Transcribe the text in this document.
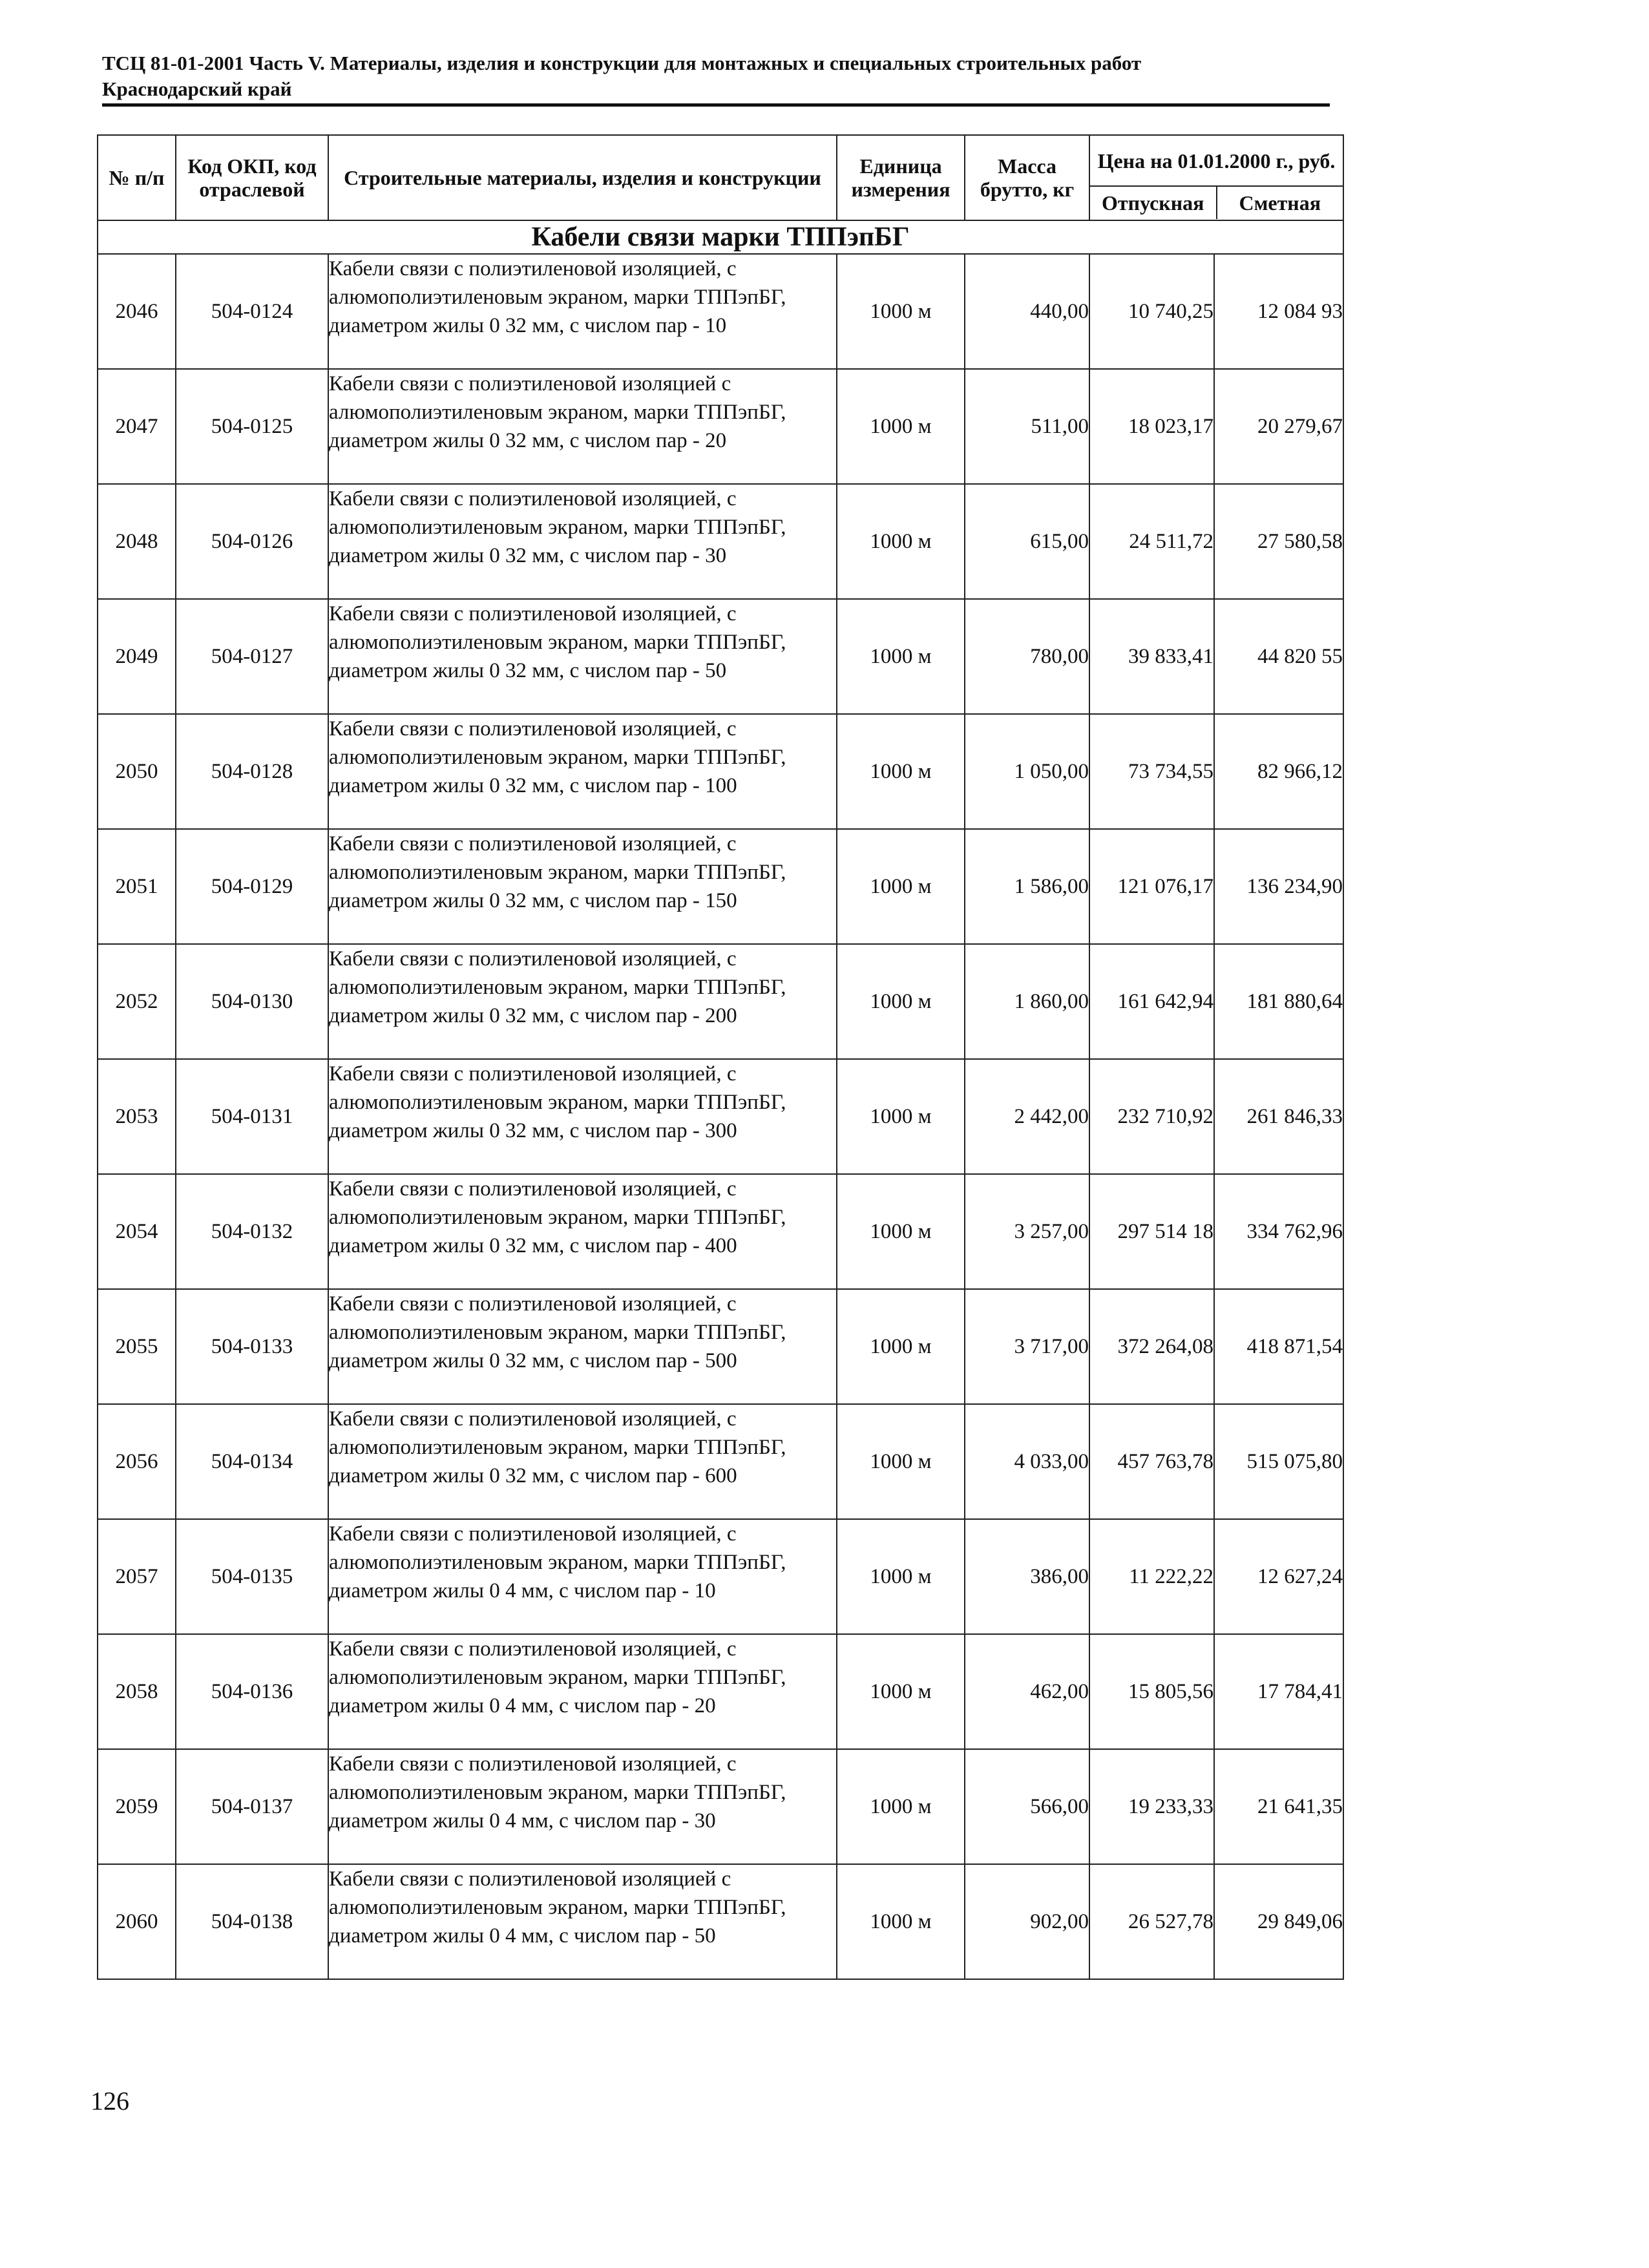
ТСЦ 81-01-2001 Часть V. Материалы, изделия и конструкции для монтажных и специальных строительных работ
Краснодарский край
№ п/п	Код ОКП, код отраслевой	Строительные материалы, изделия и конструкции	Единица измерения	Масса брутто, кг	Цена на 01.01.2000 г., руб.
Отпускная Сметная	

Кабели связи марки ТППэпБГ						
2046	504-0124	Кабели связи с полиэтиленовой изоляцией, с алюмополиэтиленовым экраном, марки ТППэпБГ, диаметром жилы 0 32 мм, с числом пар - 10	1000 м	440,00	10 740,25	12 084 93
2047	504-0125	Кабели связи с полиэтиленовой изоляцией с алюмополиэтиленовым экраном, марки ТППэпБГ, диаметром жилы 0 32 мм, с числом пар - 20	1000 м	511,00	18 023,17	20 279,67
2048	504-0126	Кабели связи с полиэтиленовой изоляцией, с алюмополиэтиленовым экраном, марки ТППэпБГ, диаметром жилы 0 32 мм, с числом пар - 30	1000 м	615,00	24 511,72	27 580,58
2049	504-0127	Кабели связи с полиэтиленовой изоляцией, с алюмополиэтиленовым экраном, марки ТППэпБГ, диаметром жилы 0 32 мм, с числом пар - 50	1000 м	780,00	39 833,41	44 820 55
2050	504-0128	Кабели связи с полиэтиленовой изоляцией, с алюмополиэтиленовым экраном, марки ТППэпБГ, диаметром жилы 0 32 мм, с числом пар - 100	1000 м	1 050,00	73 734,55	82 966,12
2051	504-0129	Кабели связи с полиэтиленовой изоляцией, с алюмополиэтиленовым экраном, марки ТППэпБГ, диаметром жилы 0 32 мм, с числом пар - 150	1000 м	1 586,00	121 076,17	136 234,90
2052	504-0130	Кабели связи с полиэтиленовой изоляцией, с алюмополиэтиленовым экраном, марки ТППэпБГ, диаметром жилы 0 32 мм, с числом пар - 200	1000 м	1 860,00	161 642,94	181 880,64
2053	504-0131	Кабели связи с полиэтиленовой изоляцией, с алюмополиэтиленовым экраном, марки ТППэпБГ, диаметром жилы 0 32 мм, с числом пар - 300	1000 м	2 442,00	232 710,92	261 846,33
2054	504-0132	Кабели связи с полиэтиленовой изоляцией, с алюмополиэтиленовым экраном, марки ТППэпБГ, диаметром жилы 0 32 мм, с числом пар - 400	1000 м	3 257,00	297 514 18	334 762,96
2055	504-0133	Кабели связи с полиэтиленовой изоляцией, с алюмополиэтиленовым экраном, марки ТППэпБГ, диаметром жилы 0 32 мм, с числом пар - 500	1000 м	3 717,00	372 264,08	418 871,54
2056	504-0134	Кабели связи с полиэтиленовой изоляцией, с алюмополиэтиленовым экраном, марки ТППэпБГ, диаметром жилы 0 32 мм, с числом пар - 600	1000 м	4 033,00	457 763,78	515 075,80
2057	504-0135	Кабели связи с полиэтиленовой изоляцией, с алюмополиэтиленовым экраном, марки ТППэпБГ, диаметром жилы 0 4 мм, с числом пар - 10	1000 м	386,00	11 222,22	12 627,24
2058	504-0136	Кабели связи с полиэтиленовой изоляцией, с алюмополиэтиленовым экраном, марки ТППэпБГ, диаметром жилы 0 4 мм, с числом пар - 20	1000 м	462,00	15 805,56	17 784,41
2059	504-0137	Кабели связи с полиэтиленовой изоляцией, с алюмополиэтиленовым экраном, марки ТППэпБГ, диаметром жилы 0 4 мм, с числом пар - 30	1000 м	566,00	19 233,33	21 641,35
2060	504-0138	Кабели связи с полиэтиленовой изоляцией с алюмополиэтиленовым экраном, марки ТППэпБГ, диаметром жилы 0 4 мм, с числом пар - 50	1000 м	902,00	26 527,78	29 849,06
126
